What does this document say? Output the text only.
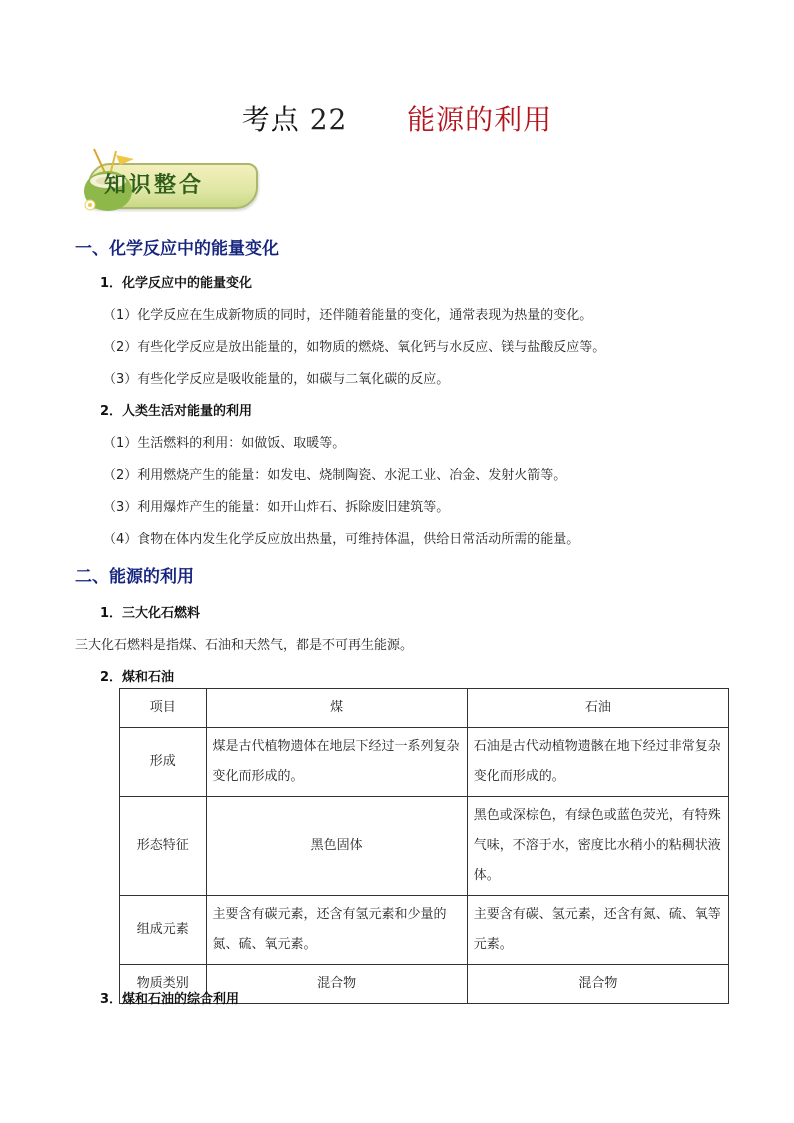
考点 22 能源的利用
知识整合
一、化学反应中的能量变化
1．化学反应中的能量变化
（1）化学反应在生成新物质的同时，还伴随着能量的变化，通常表现为热量的变化。
（2）有些化学反应是放出能量的，如物质的燃烧、氧化钙与水反应、镁与盐酸反应等。
（3）有些化学反应是吸收能量的，如碳与二氧化碳的反应。
2．人类生活对能量的利用
（1）生活燃料的利用：如做饭、取暖等。
（2）利用燃烧产生的能量：如发电、烧制陶瓷、水泥工业、冶金、发射火箭等。
（3）利用爆炸产生的能量：如开山炸石、拆除废旧建筑等。
（4）食物在体内发生化学反应放出热量，可维持体温，供给日常活动所需的能量。
二、能源的利用
1．三大化石燃料
三大化石燃料是指煤、石油和天然气，都是不可再生能源。
2．煤和石油
项目	煤	石油
形成	煤是古代植物遗体在地层下经过一系列复杂变化而形成的。	石油是古代动植物遗骸在地下经过非常复杂变化而形成的。
形态特征	黑色固体	黑色或深棕色，有绿色或蓝色荧光，有特殊气味，不溶于水，密度比水稍小的粘稠状液体。
组成元素	主要含有碳元素，还含有氢元素和少量的氮、硫、氧元素。	主要含有碳、氢元素，还含有氮、硫、氧等元素。
物质类别	混合物	混合物
3．煤和石油的综合利用
